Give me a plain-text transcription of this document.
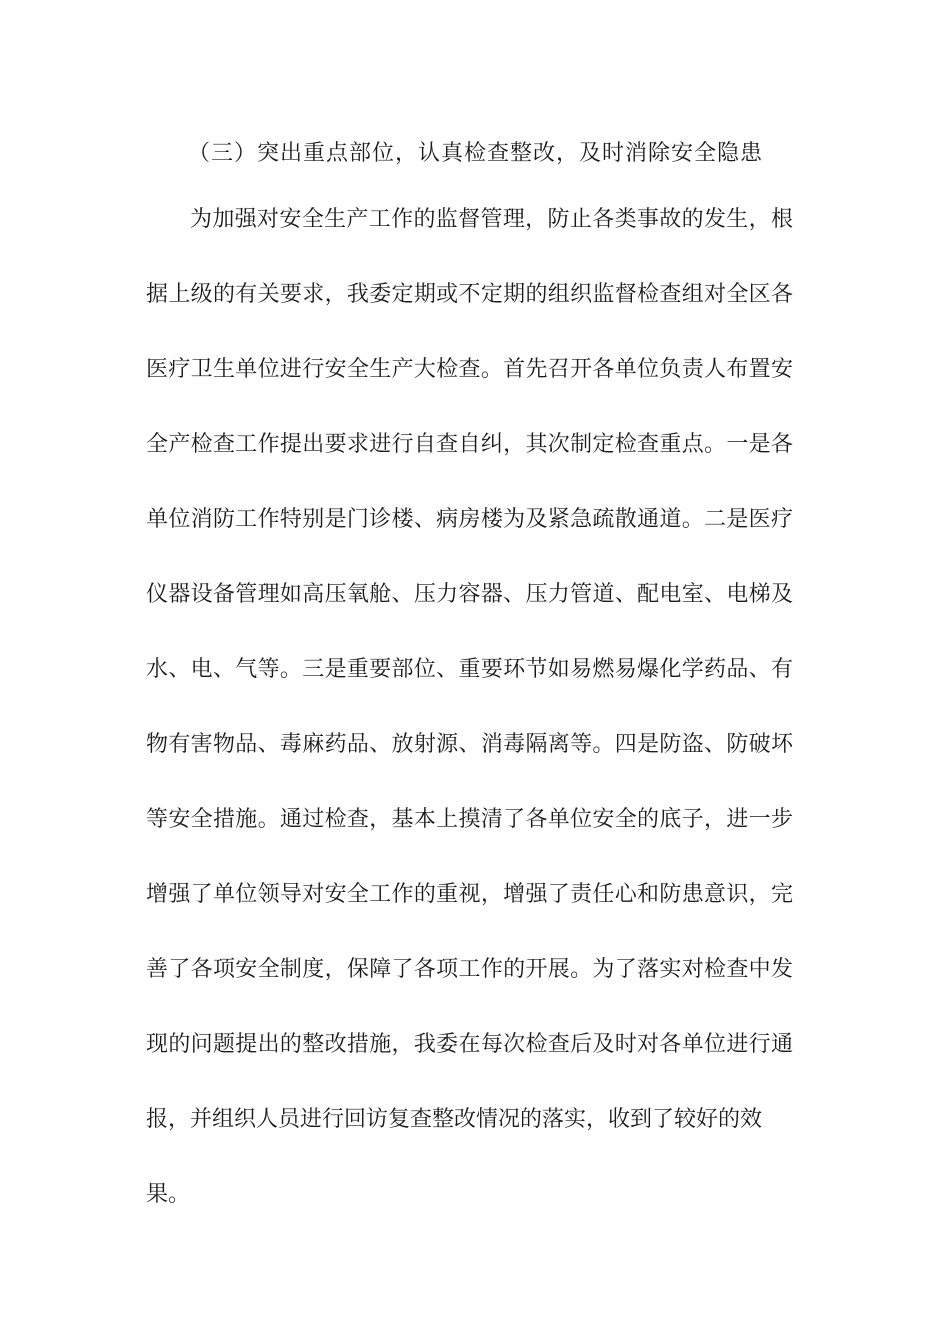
（三）突出重点部位，认真检查整改，及时消除安全隐患

为加强对安全生产工作的监督管理，防止各类事故的发生，根

据上级的有关要求，我委定期或不定期的组织监督检查组对全区各

医疗卫生单位进行安全生产大检查。首先召开各单位负责人布置安

全产检查工作提出要求进行自查自纠，其次制定检查重点。一是各

单位消防工作特别是门诊楼、病房楼为及紧急疏散通道。二是医疗

仪器设备管理如高压氧舱、压力容器、压力管道、配电室、电梯及

水、电、气等。三是重要部位、重要环节如易燃易爆化学药品、有

物有害物品、毒麻药品、放射源、消毒隔离等。四是防盗、防破坏

等安全措施。通过检查，基本上摸清了各单位安全的底子，进一步

增强了单位领导对安全工作的重视，增强了责任心和防患意识，完

善了各项安全制度，保障了各项工作的开展。为了落实对检查中发

现的问题提出的整改措施，我委在每次检查后及时对各单位进行通

报，并组织人员进行回访复查整改情况的落实，收到了较好的效

果。
